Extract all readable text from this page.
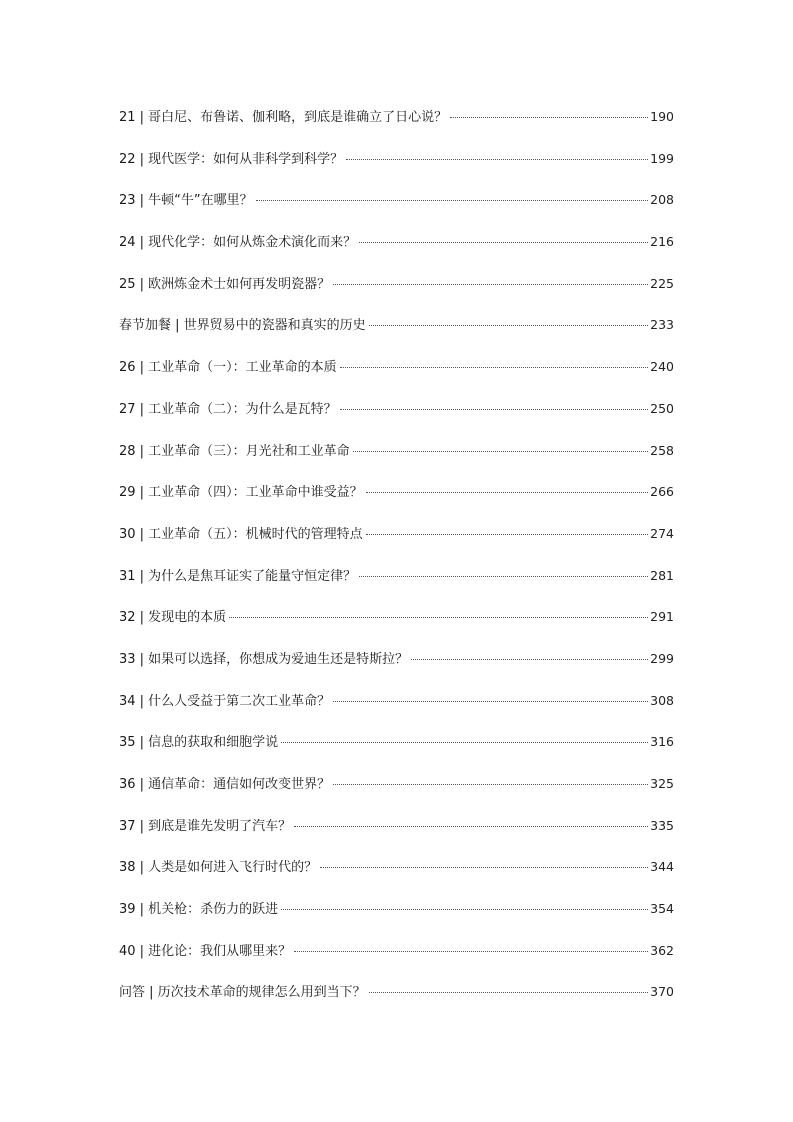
21 | 哥白尼、布鲁诺、伽利略，到底是谁确立了日心说？	190
22 | 现代医学：如何从非科学到科学？	199
23 | 牛顿“牛”在哪里？	208
24 | 现代化学：如何从炼金术演化而来？	216
25 | 欧洲炼金术士如何再发明瓷器？	225
春节加餐 | 世界贸易中的瓷器和真实的历史	233
26 | 工业革命（一）：工业革命的本质	240
27 | 工业革命（二）：为什么是瓦特？	250
28 | 工业革命（三）：月光社和工业革命	258
29 | 工业革命（四）：工业革命中谁受益？	266
30 | 工业革命（五）：机械时代的管理特点	274
31 | 为什么是焦耳证实了能量守恒定律？	281
32 | 发现电的本质	291
33 | 如果可以选择，你想成为爱迪生还是特斯拉？	299
34 | 什么人受益于第二次工业革命？	308
35 | 信息的获取和细胞学说	316
36 | 通信革命：通信如何改变世界？	325
37 | 到底是谁先发明了汽车？	335
38 | 人类是如何进入飞行时代的？	344
39 | 机关枪：杀伤力的跃进	354
40 | 进化论：我们从哪里来？	362
问答 | 历次技术革命的规律怎么用到当下？	370
